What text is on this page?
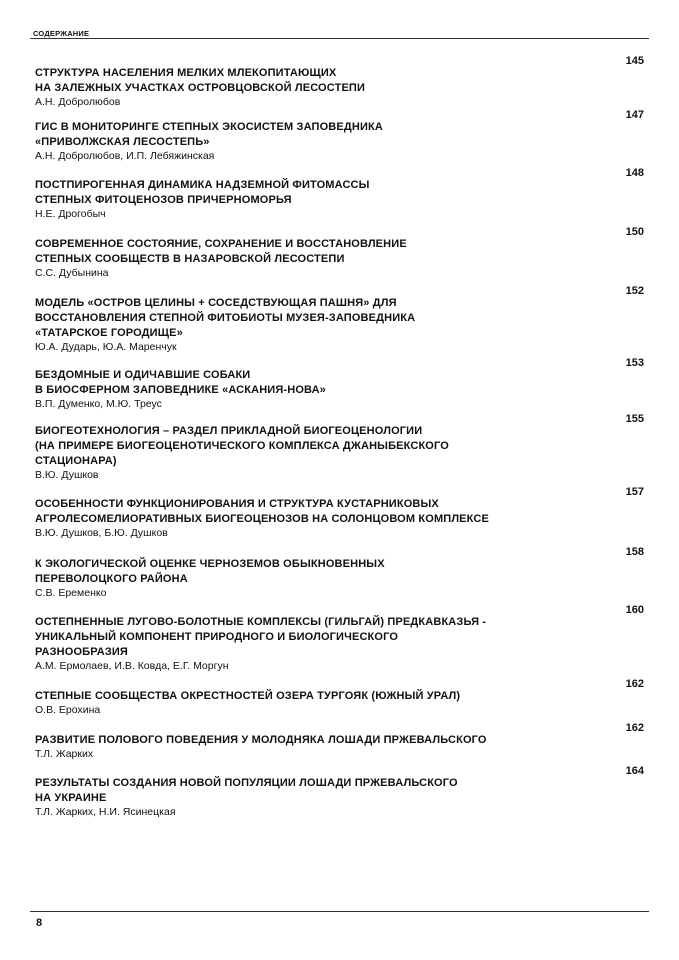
СОДЕРЖАНИЕ

СТРУКТУРА НАСЕЛЕНИЯ МЕЛКИХ МЛЕКОПИТАЮЩИХ
НА ЗАЛЕЖНЫХ УЧАСТКАХ ОСТРОВЦОВСКОЙ ЛЕСОСТЕПИ

А.Н. Добролюбов

145

ГИС В МОНИТОРИНГЕ СТЕПНЫХ ЭКОСИСТЕМ ЗАПОВЕДНИКА
«ПРИВОЛЖСКАЯ ЛЕСОСТЕПЬ»

А.Н. Добролюбов, И.П. Лебяжинская

147

ПОСТПИРОГЕННАЯ ДИНАМИКА НАДЗЕМНОЙ ФИТОМАССЫ
СТЕПНЫХ ФИТОЦЕНОЗОВ ПРИЧЕРНОМОРЬЯ

Н.Е. Дрогобыч

148

СОВРЕМЕННОЕ СОСТОЯНИЕ, СОХРАНЕНИЕ И ВОССТАНОВЛЕНИЕ
СТЕПНЫХ СООБЩЕСТВ В НАЗАРОВСКОЙ ЛЕСОСТЕПИ

С.С. Дубынина

150

МОДЕЛЬ «ОСТРОВ ЦЕЛИНЫ + СОСЕДСТВУЮЩАЯ ПАШНЯ» ДЛЯ
ВОССТАНОВЛЕНИЯ СТЕПНОЙ ФИТОБИОТЫ МУЗЕЯ-ЗАПОВЕДНИКА
«ТАТАРСКОЕ ГОРОДИЩЕ»

Ю.А. Дударь, Ю.А. Маренчук

152

БЕЗДОМНЫЕ И ОДИЧАВШИЕ СОБАКИ
В БИОСФЕРНОМ ЗАПОВЕДНИКЕ «АСКАНИЯ-НОВА»

В.П. Думенко, М.Ю. Треус

153

БИОГЕОТЕХНОЛОГИЯ – РАЗДЕЛ ПРИКЛАДНОЙ БИОГЕОЦЕНОЛОГИИ
(НА ПРИМЕРЕ БИОГЕОЦЕНОТИЧЕСКОГО КОМПЛЕКСА ДЖАНЫБЕКСКОГО
СТАЦИОНАРА)

В.Ю. Душков

155

ОСОБЕННОСТИ ФУНКЦИОНИРОВАНИЯ И СТРУКТУРА КУСТАРНИКОВЫХ
АГРОЛЕСОМЕЛИОРАТИВНЫХ БИОГЕОЦЕНОЗОВ НА СОЛОНЦОВОМ КОМПЛЕКСЕ

В.Ю. Душков, Б.Ю. Душков

157

К ЭКОЛОГИЧЕСКОЙ ОЦЕНКЕ ЧЕРНОЗЕМОВ ОБЫКНОВЕННЫХ
ПЕРЕВОЛОЦКОГО РАЙОНА

С.В. Еременко

158

ОСТЕПНЕННЫЕ ЛУГОВО-БОЛОТНЫЕ КОМПЛЕКСЫ (ГИЛЬГАЙ) ПРЕДКАВКАЗЬЯ -
УНИКАЛЬНЫЙ КОМПОНЕНТ ПРИРОДНОГО И БИОЛОГИЧЕСКОГО
РАЗНООБРАЗИЯ

А.М. Ермолаев, И.В. Ковда, Е.Г. Моргун

160

СТЕПНЫЕ СООБЩЕСТВА ОКРЕСТНОСТЕЙ ОЗЕРА ТУРГОЯК (ЮЖНЫЙ УРАЛ)

О.В. Ерохина

162

РАЗВИТИЕ ПОЛОВОГО ПОВЕДЕНИЯ У МОЛОДНЯКА ЛОШАДИ ПРЖЕВАЛЬСКОГО

Т.Л. Жарких

162

РЕЗУЛЬТАТЫ СОЗДАНИЯ НОВОЙ ПОПУЛЯЦИИ ЛОШАДИ ПРЖЕВАЛЬСКОГО
НА УКРАИНЕ

Т.Л. Жарких, Н.И. Ясинецкая

164
8
